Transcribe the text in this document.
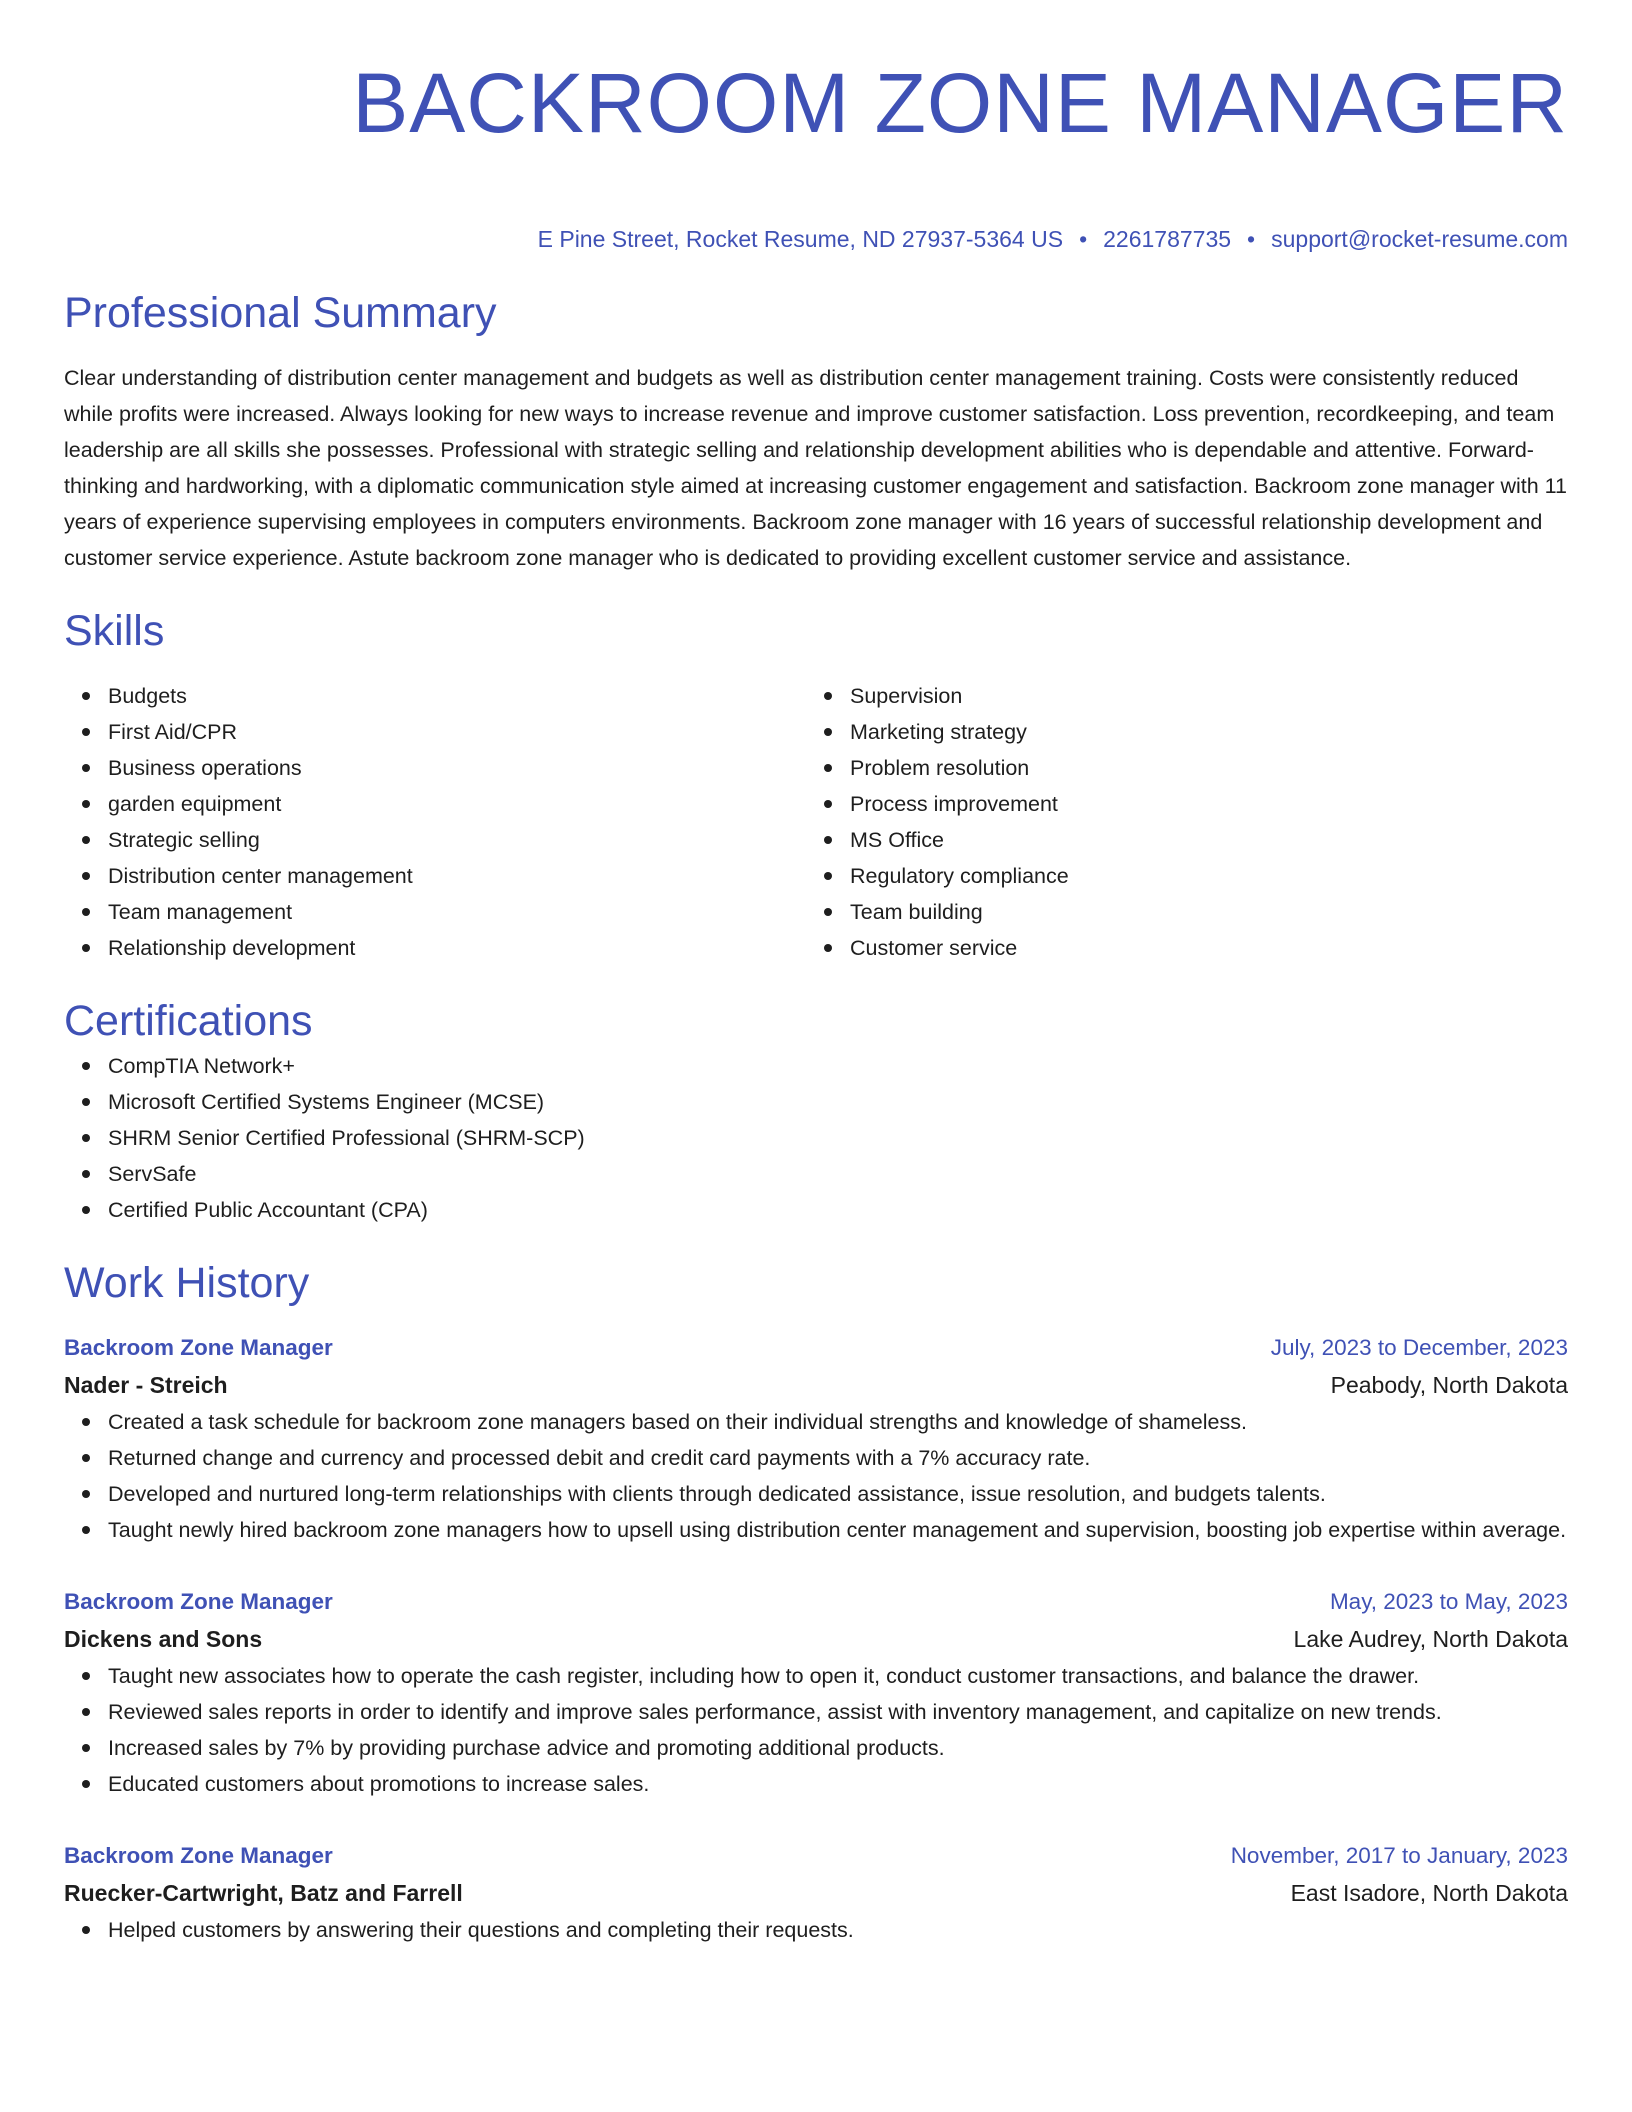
BACKROOM ZONE MANAGER
E Pine Street, Rocket Resume, ND 27937-5364 US • 2261787735 • support@rocket-resume.com
Professional Summary

Clear understanding of distribution center management and budgets as well as distribution center management training. Costs were consistently reduced while profits were increased. Always looking for new ways to increase revenue and improve customer satisfaction. Loss prevention, recordkeeping, and team leadership are all skills she possesses. Professional with strategic selling and relationship development abilities who is dependable and attentive. Forward-thinking and hardworking, with a diplomatic communication style aimed at increasing customer engagement and satisfaction. Backroom zone manager with 11 years of experience supervising employees in computers environments. Backroom zone manager with 16 years of successful relationship development and customer service experience. Astute backroom zone manager who is dedicated to providing excellent customer service and assistance.

Skills
Budgets
First Aid/CPR
Business operations
garden equipment
Strategic selling
Distribution center management
Team management
Relationship development
Supervision
Marketing strategy
Problem resolution
Process improvement
MS Office
Regulatory compliance
Team building
Customer service
Certifications
CompTIA Network+
Microsoft Certified Systems Engineer (MCSE)
SHRM Senior Certified Professional (SHRM-SCP)
ServSafe
Certified Public Accountant (CPA)
Work History
Backroom Zone Manager	July, 2023 to December, 2023
Nader - Streich	Peabody, North Dakota
Created a task schedule for backroom zone managers based on their individual strengths and knowledge of shameless.
Returned change and currency and processed debit and credit card payments with a 7% accuracy rate.
Developed and nurtured long-term relationships with clients through dedicated assistance, issue resolution, and budgets talents.
Taught newly hired backroom zone managers how to upsell using distribution center management and supervision, boosting job expertise within average.
Backroom Zone Manager	May, 2023 to May, 2023
Dickens and Sons	Lake Audrey, North Dakota
Taught new associates how to operate the cash register, including how to open it, conduct customer transactions, and balance the drawer.
Reviewed sales reports in order to identify and improve sales performance, assist with inventory management, and capitalize on new trends.
Increased sales by 7% by providing purchase advice and promoting additional products.
Educated customers about promotions to increase sales.
Backroom Zone Manager	November, 2017 to January, 2023
Ruecker-Cartwright, Batz and Farrell	East Isadore, North Dakota
Helped customers by answering their questions and completing their requests.
